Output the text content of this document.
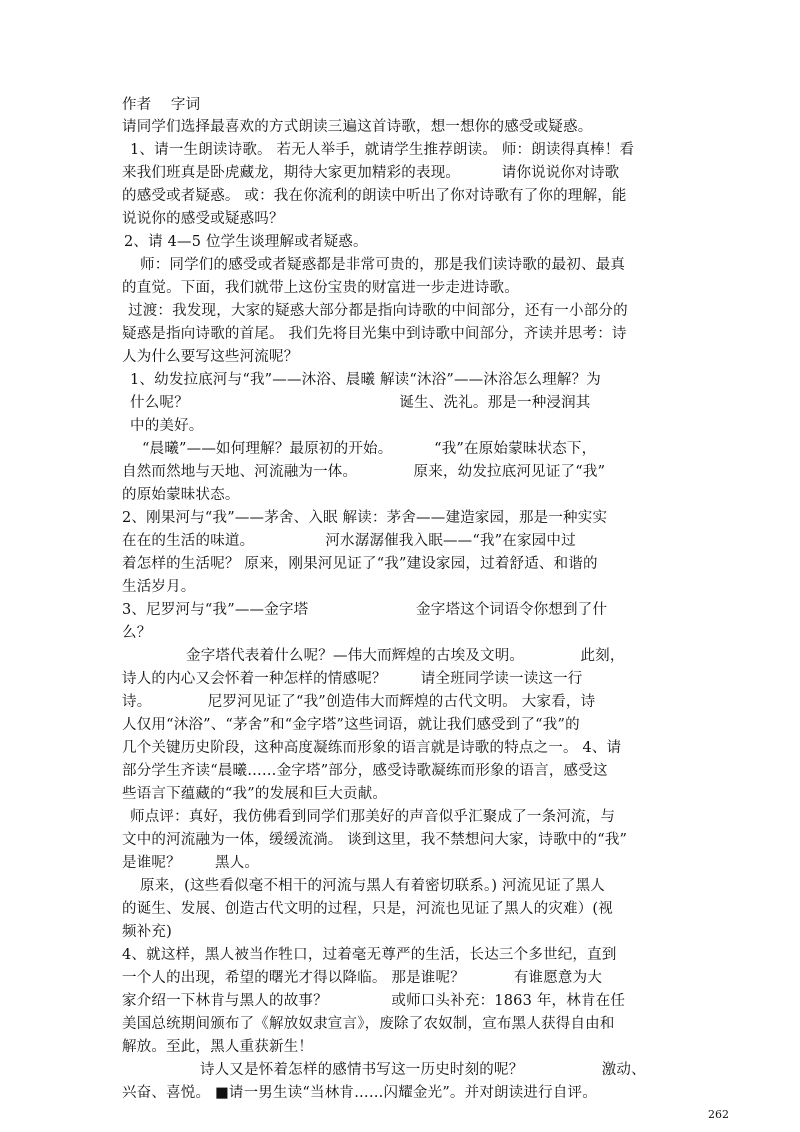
作者　 字词
请同学们选择最喜欢的方式朗读三遍这首诗歌，想一想你的感受或疑惑。
1、请一生朗读诗歌。 若无人举手，就请学生推荐朗读。 师：朗读得真棒！看
来我们班真是卧虎藏龙，期待大家更加精彩的表现。　　　 请你说说你对诗歌
的感受或者疑惑。 或：我在你流利的朗读中听出了你对诗歌有了你的理解，能
说说你的感受或疑惑吗？
2、请 4—5 位学生谈理解或者疑惑。
师：同学们的感受或者疑惑都是非常可贵的，那是我们读诗歌的最初、最真
的直觉。下面，我们就带上这份宝贵的财富进一步走进诗歌。
过渡：我发现，大家的疑惑大部分都是指向诗歌的中间部分，还有一小部分的
疑惑是指向诗歌的首尾。 我们先将目光集中到诗歌中间部分，齐读并思考：诗
人为什么要写这些河流呢？
1、幼发拉底河与“我”——沐浴、晨曦 解读“沐浴”——沐浴怎么理解？为
什么呢？　　　　　　　　　　　　　　 诞生、洗礼。那是一种浸润其
中的美好。
“晨曦”——如何理解？最原初的开始。　　　 “我”在原始蒙昧状态下，
自然而然地与天地、河流融为一体。　　　　 原来，幼发拉底河见证了“我”
的原始蒙昧状态。
2、刚果河与“我”——茅舍、入眠 解读：茅舍——建造家园，那是一种实实
在在的生活的味道。　　　　　 河水潺潺催我入眠——“我”在家园中过
着怎样的生活呢？ 原来，刚果河见证了“我”建设家园，过着舒适、和谐的
生活岁月。
3、尼罗河与“我”——金字塔　　　　　　　 金字塔这个词语令你想到了什
么？
金字塔代表着什么呢？—伟大而辉煌的古埃及文明。　　　　 此刻，
诗人的内心又会怀着一种怎样的情感呢？　　 请全班同学读一读这一行
诗。　　　　 尼罗河见证了“我”创造伟大而辉煌的古代文明。 大家看，诗
人仅用“沐浴”、“茅舍”和“金字塔”这些词语，就让我们感受到了“我”的
几个关键历史阶段，这种高度凝练而形象的语言就是诗歌的特点之一。 4、请
部分学生齐读“晨曦……金字塔”部分，感受诗歌凝练而形象的语言，感受这
些语言下蕴藏的“我”的发展和巨大贡献。
师点评：真好，我仿佛看到同学们那美好的声音似乎汇聚成了一条河流，与
文中的河流融为一体，缓缓流淌。 谈到这里，我不禁想问大家，诗歌中的“我”
是谁呢？　　 黑人。
原来，(这些看似毫不相干的河流与黑人有着密切联系。) 河流见证了黑人
的诞生、发展、创造古代文明的过程，只是，河流也见证了黑人的灾难）(视
频补充)
4、就这样，黑人被当作牲口，过着毫无尊严的生活，长达三个多世纪，直到
一个人的出现，希望的曙光才得以降临。 那是谁呢？　　　 有谁愿意为大
家介绍一下林肯与黑人的故事？　　　　 或师口头补充：1863 年，林肯在任
美国总统期间颁布了《解放奴隶宣言》，废除了农奴制，宣布黑人获得自由和
解放。至此，黑人重获新生！
诗人又是怀着怎样的感情书写这一历史时刻的呢？　　　　　 激动、
兴奋、喜悦。 ■请一男生读“当林肯……闪耀金光”。并对朗读进行自评。
262
